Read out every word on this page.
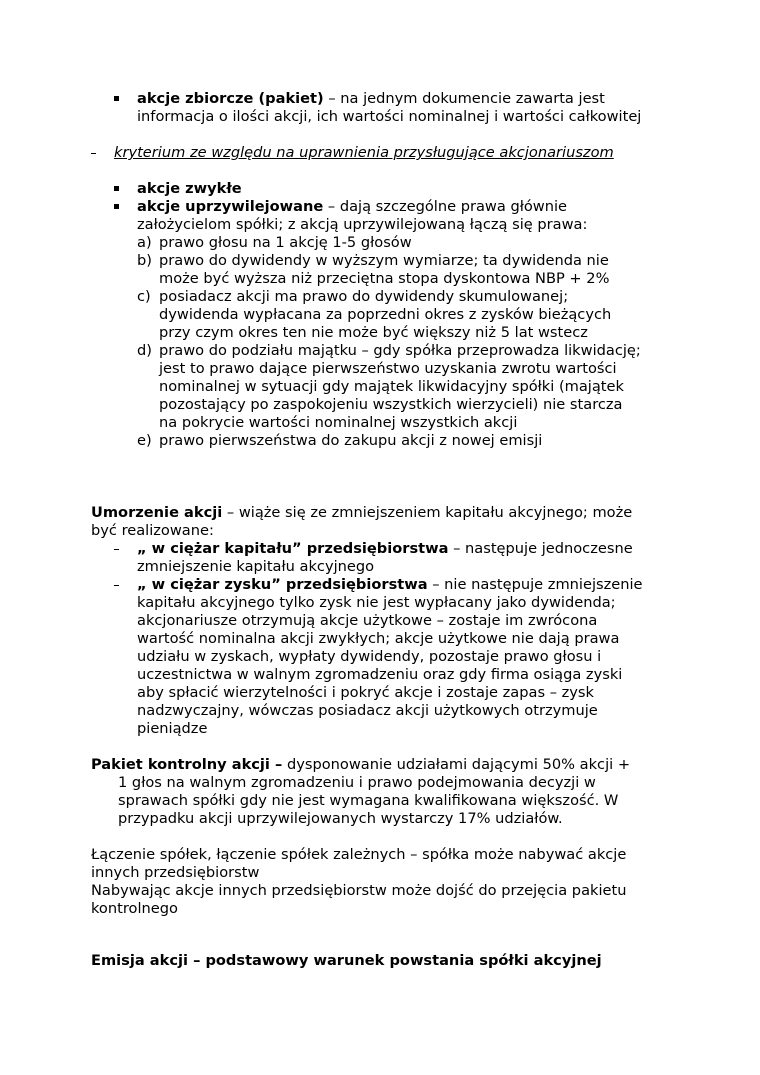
akcje zbiorcze (pakiet) – na jednym dokumencie zawarta jest
informacja o ilości akcji, ich wartości nominalnej i wartości całkowitej
kryterium ze względu na uprawnienia przysługujące akcjonariuszom
akcje zwykłe
akcje uprzywilejowane – dają szczególne prawa głównie
założycielom spółki; z akcją uprzywilejowaną łączą się prawa:
a) prawo głosu na 1 akcję 1-5 głosów
b) prawo do dywidendy w wyższym wymiarze; ta dywidenda nie
może być wyższa niż przeciętna stopa dyskontowa NBP + 2%
c) posiadacz akcji ma prawo do dywidendy skumulowanej;
dywidenda wypłacana za poprzedni okres z zysków bieżących
przy czym okres ten nie może być większy niż 5 lat wstecz
d) prawo do podziału majątku – gdy spółka przeprowadza likwidację;
jest to prawo dające pierwszeństwo uzyskania zwrotu wartości
nominalnej w sytuacji gdy majątek likwidacyjny spółki (majątek
pozostający po zaspokojeniu wszystkich wierzycieli) nie starcza
na pokrycie wartości nominalnej wszystkich akcji
e) prawo pierwszeństwa do zakupu akcji z nowej emisji
Umorzenie akcji – wiąże się ze zmniejszeniem kapitału akcyjnego; może
być realizowane:
„ w ciężar kapitału” przedsiębiorstwa – następuje jednoczesne
zmniejszenie kapitału akcyjnego
„ w ciężar zysku” przedsiębiorstwa – nie następuje zmniejszenie
kapitału akcyjnego tylko zysk nie jest wypłacany jako dywidenda;
akcjonariusze otrzymują akcje użytkowe – zostaje im zwrócona
wartość nominalna akcji zwykłych; akcje użytkowe nie dają prawa
udziału w zyskach, wypłaty dywidendy, pozostaje prawo głosu i
uczestnictwa w walnym zgromadzeniu oraz gdy firma osiąga zyski
aby spłacić wierzytelności i pokryć akcje i zostaje zapas – zysk
nadzwyczajny, wówczas posiadacz akcji użytkowych otrzymuje
pieniądze
Pakiet kontrolny akcji – dysponowanie udziałami dającymi 50% akcji +
1 głos na walnym zgromadzeniu i prawo podejmowania decyzji w
sprawach spółki gdy nie jest wymagana kwalifikowana większość. W
przypadku akcji uprzywilejowanych wystarczy 17% udziałów.
Łączenie spółek, łączenie spółek zależnych – spółka może nabywać akcje
innych przedsiębiorstw
Nabywając akcje innych przedsiębiorstw może dojść do przejęcia pakietu
kontrolnego
Emisja akcji – podstawowy warunek powstania spółki akcyjnej
